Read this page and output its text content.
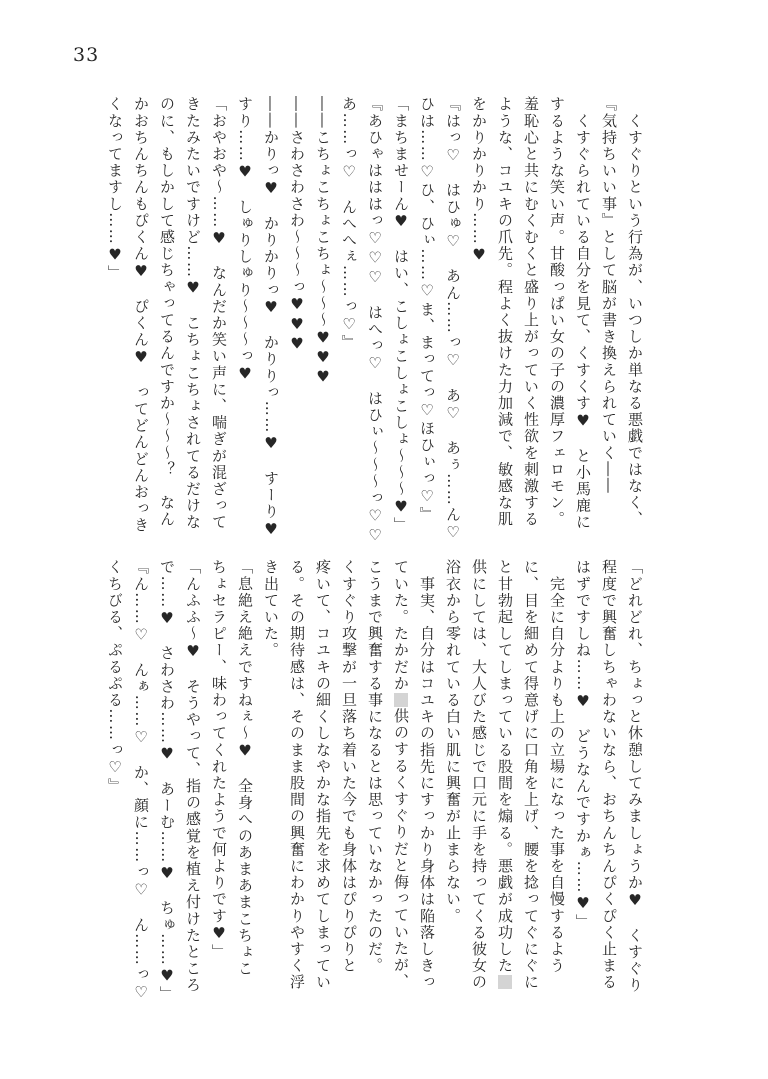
33
　くすぐりという行為が、いつしか単なる悪戯ではなく、
『気持ちいい事』として脳が書き換えられていく――
　くすぐられている自分を見て、くすくす♥　と小馬鹿に
するような笑い声。甘酸っぱい女の子の濃厚フェロモン。
羞恥心と共にむくむくと盛り上がっていく性欲を刺激する
ような、コユキの爪先。程よく抜けた力加減で、敏感な肌
をかりかりかり……♥
『はっ♡　はひゅ♡　あん……っ♡　あ♡　あぅ……ん♡
ひは……♡ひ、ひぃ……♡ま、まってっ♡ほひぃっ♡』
「まちませーん♥　はい、こしょこしょこしょ〜〜〜♥」
『あひゃはははっ♡♡♡　はへっ♡　はひぃ〜〜〜っ♡♡
あ……っ♡　んへへぇ……っ♡』
――こちょこちょこちょ〜〜〜♥♥♥
――さわさわさわ〜〜〜っ♥♥♥
――かりっ♥　かりかりっ♥　かりりっ……♥　すーり♥
すり……♥　しゅりしゅり〜〜〜っ♥
「おやおや〜……♥　なんだか笑い声に、喘ぎが混ざって
きたみたいですけど……♥　こちょこちょされてるだけな
のに、もしかして感じちゃってるんですか〜〜〜？　なん
かおちんちんもぴくん♥　ぴくん♥　ってどんどんおっき
くなってますし……♥」
「どれどれ、ちょっと休憩してみましょうか♥　くすぐり
程度で興奮しちゃわないなら、おちんちんぴくぴく止まる
はずですしね……♥　どうなんですかぁ……♥」
　完全に自分よりも上の立場になった事を自慢するよう
に、目を細めて得意げに口角を上げ、腰を捻ってぐにぐに
と甘勃起してしまっている股間を煽る。悪戯が成功した
供にしては、大人びた感じで口元に手を持ってくる彼女の
浴衣から零れている白い肌に興奮が止まらない。
　事実、自分はコユキの指先にすっかり身体は陥落しきっ
ていた。たかだか供のするくすぐりだと侮っていたが、
こうまで興奮する事になるとは思っていなかったのだ。
くすぐり攻撃が一旦落ち着いた今でも身体はぴりぴりと
疼いて、コユキの細くしなやかな指先を求めてしまってい
る。その期待感は、そのまま股間の興奮にわかりやすく浮
き出ていた。
「息絶え絶えですねぇ〜♥　全身へのあまあまこちょこ
ちょセラピー、味わってくれたようで何よりです♥」
「んふふ〜♥　そうやって、指の感覚を植え付けたところ
で……♥　さわさわ……♥　あーむ……♥　ちゅ……♥」
『ん……♡　んぁ……♡　か、顔に……っ♡　ん……っ♡
くちびる、ぷるぷる……っ♡』
